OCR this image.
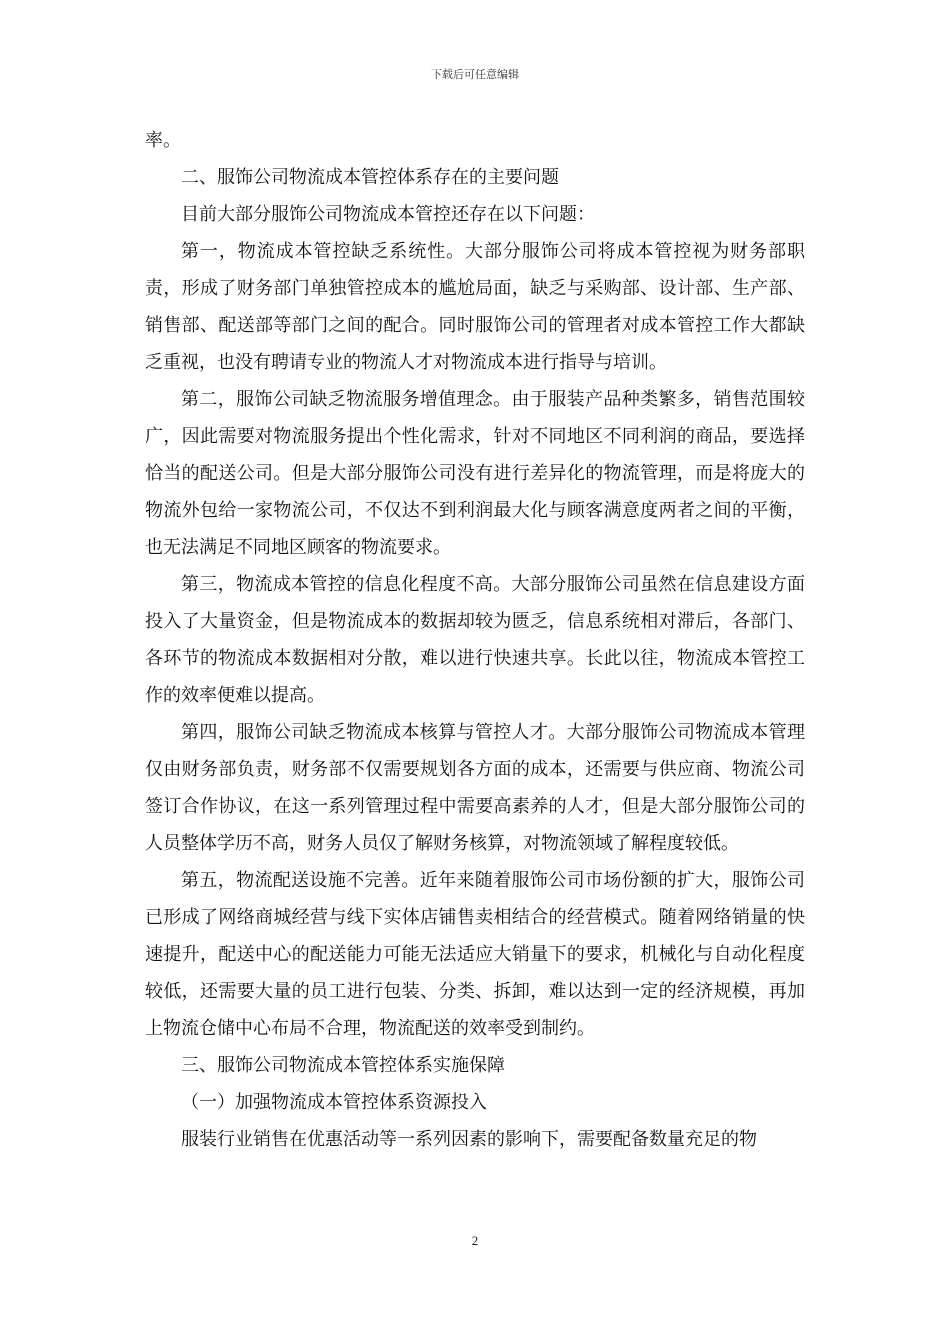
下载后可任意编辑

率。

二、服饰公司物流成本管控体系存在的主要问题

目前大部分服饰公司物流成本管控还存在以下问题：

第一，物流成本管控缺乏系统性。大部分服饰公司将成本管控视为财务部职责，形成了财务部门单独管控成本的尴尬局面，缺乏与采购部、设计部、生产部、销售部、配送部等部门之间的配合。同时服饰公司的管理者对成本管控工作大都缺乏重视，也没有聘请专业的物流人才对物流成本进行指导与培训。

第二，服饰公司缺乏物流服务增值理念。由于服装产品种类繁多，销售范围较广，因此需要对物流服务提出个性化需求，针对不同地区不同利润的商品，要选择恰当的配送公司。但是大部分服饰公司没有进行差异化的物流管理，而是将庞大的物流外包给一家物流公司，不仅达不到利润最大化与顾客满意度两者之间的平衡，也无法满足不同地区顾客的物流要求。

第三，物流成本管控的信息化程度不高。大部分服饰公司虽然在信息建设方面投入了大量资金，但是物流成本的数据却较为匮乏，信息系统相对滞后，各部门、各环节的物流成本数据相对分散，难以进行快速共享。长此以往，物流成本管控工作的效率便难以提高。

第四，服饰公司缺乏物流成本核算与管控人才。大部分服饰公司物流成本管理仅由财务部负责，财务部不仅需要规划各方面的成本，还需要与供应商、物流公司签订合作协议，在这一系列管理过程中需要高素养的人才，但是大部分服饰公司的人员整体学历不高，财务人员仅了解财务核算，对物流领域了解程度较低。

第五，物流配送设施不完善。近年来随着服饰公司市场份额的扩大，服饰公司已形成了网络商城经营与线下实体店铺售卖相结合的经营模式。随着网络销量的快速提升，配送中心的配送能力可能无法适应大销量下的要求，机械化与自动化程度较低，还需要大量的员工进行包装、分类、拆卸，难以达到一定的经济规模，再加上物流仓储中心布局不合理，物流配送的效率受到制约。

三、服饰公司物流成本管控体系实施保障

（一）加强物流成本管控体系资源投入

服装行业销售在优惠活动等一系列因素的影响下，需要配备数量充足的物

2
